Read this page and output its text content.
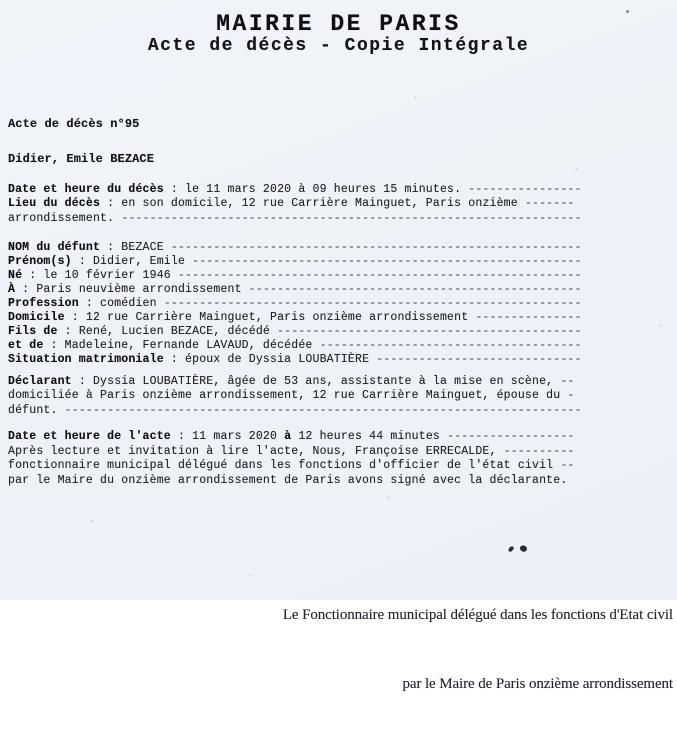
MAIRIE DE PARIS
Acte de décès - Copie Intégrale
Acte de décès n°95
Didier, Emile BEZACE
Date et heure du décès : le 11 mars 2020 à 09 heures 15 minutes. ----------------
Lieu du décès : en son domicile, 12 rue Carrière Mainguet, Paris onzième -------
arrondissement. -----------------------------------------------------------------
NOM du défunt : BEZACE ----------------------------------------------------------
Prénom(s) : Didier, Emile -------------------------------------------------------
Né : le 10 février 1946 ---------------------------------------------------------
À : Paris neuvième arrondissement -----------------------------------------------
Profession : comédien -----------------------------------------------------------
Domicile : 12 rue Carrière Mainguet, Paris onzième arrondissement ---------------
Fils de : René, Lucien BEZACE, décédé -------------------------------------------
et de : Madeleine, Fernande LAVAUD, décédée -------------------------------------
Situation matrimoniale : époux de Dyssia LOUBATIÈRE -----------------------------
Déclarant : Dyssia LOUBATIÈRE, âgée de 53 ans, assistante à la mise en scène, --
domiciliée à Paris onzième arrondissement, 12 rue Carrière Mainguet, épouse du -
défunt. -------------------------------------------------------------------------
Date et heure de l'acte : 11 mars 2020 à 12 heures 44 minutes ------------------
Après lecture et invitation à lire l'acte, Nous, Françoise ERRECALDE, ----------
fonctionnaire municipal délégué dans les fonctions d'officier de l'état civil --
par le Maire du onzième arrondissement de Paris avons signé avec la déclarante.

Le Fonctionnaire municipal délégué dans les fonctions d'Etat civil

par le Maire de Paris onzième arrondissement
